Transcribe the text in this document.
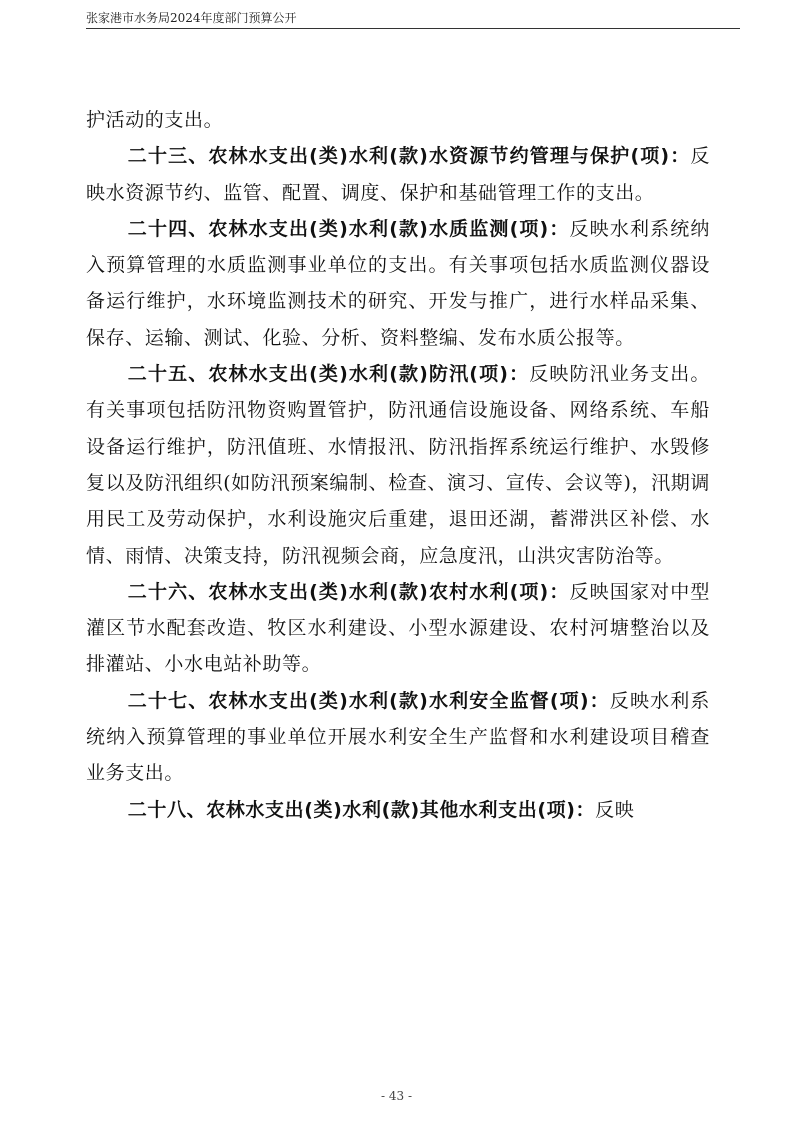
张家港市水务局2024年度部门预算公开

护活动的支出。

二十三、农林水支出(类)水利(款)水资源节约管理与保护(项)：反映水资源节约、监管、配置、调度、保护和基础管理工作的支出。

二十四、农林水支出(类)水利(款)水质监测(项)：反映水利系统纳入预算管理的水质监测事业单位的支出。有关事项包括水质监测仪器设备运行维护，水环境监测技术的研究、开发与推广，进行水样品采集、保存、运输、测试、化验、分析、资料整编、发布水质公报等。

二十五、农林水支出(类)水利(款)防汛(项)：反映防汛业务支出。有关事项包括防汛物资购置管护，防汛通信设施设备、网络系统、车船设备运行维护，防汛值班、水情报汛、防汛指挥系统运行维护、水毁修复以及防汛组织(如防汛预案编制、检查、演习、宣传、会议等)，汛期调用民工及劳动保护，水利设施灾后重建，退田还湖，蓄滞洪区补偿、水情、雨情、决策支持，防汛视频会商，应急度汛，山洪灾害防治等。

二十六、农林水支出(类)水利(款)农村水利(项)：反映国家对中型灌区节水配套改造、牧区水利建设、小型水源建设、农村河塘整治以及排灌站、小水电站补助等。

二十七、农林水支出(类)水利(款)水利安全监督(项)：反映水利系统纳入预算管理的事业单位开展水利安全生产监督和水利建设项目稽查业务支出。

二十八、农林水支出(类)水利(款)其他水利支出(项)：反映

- 43 -
